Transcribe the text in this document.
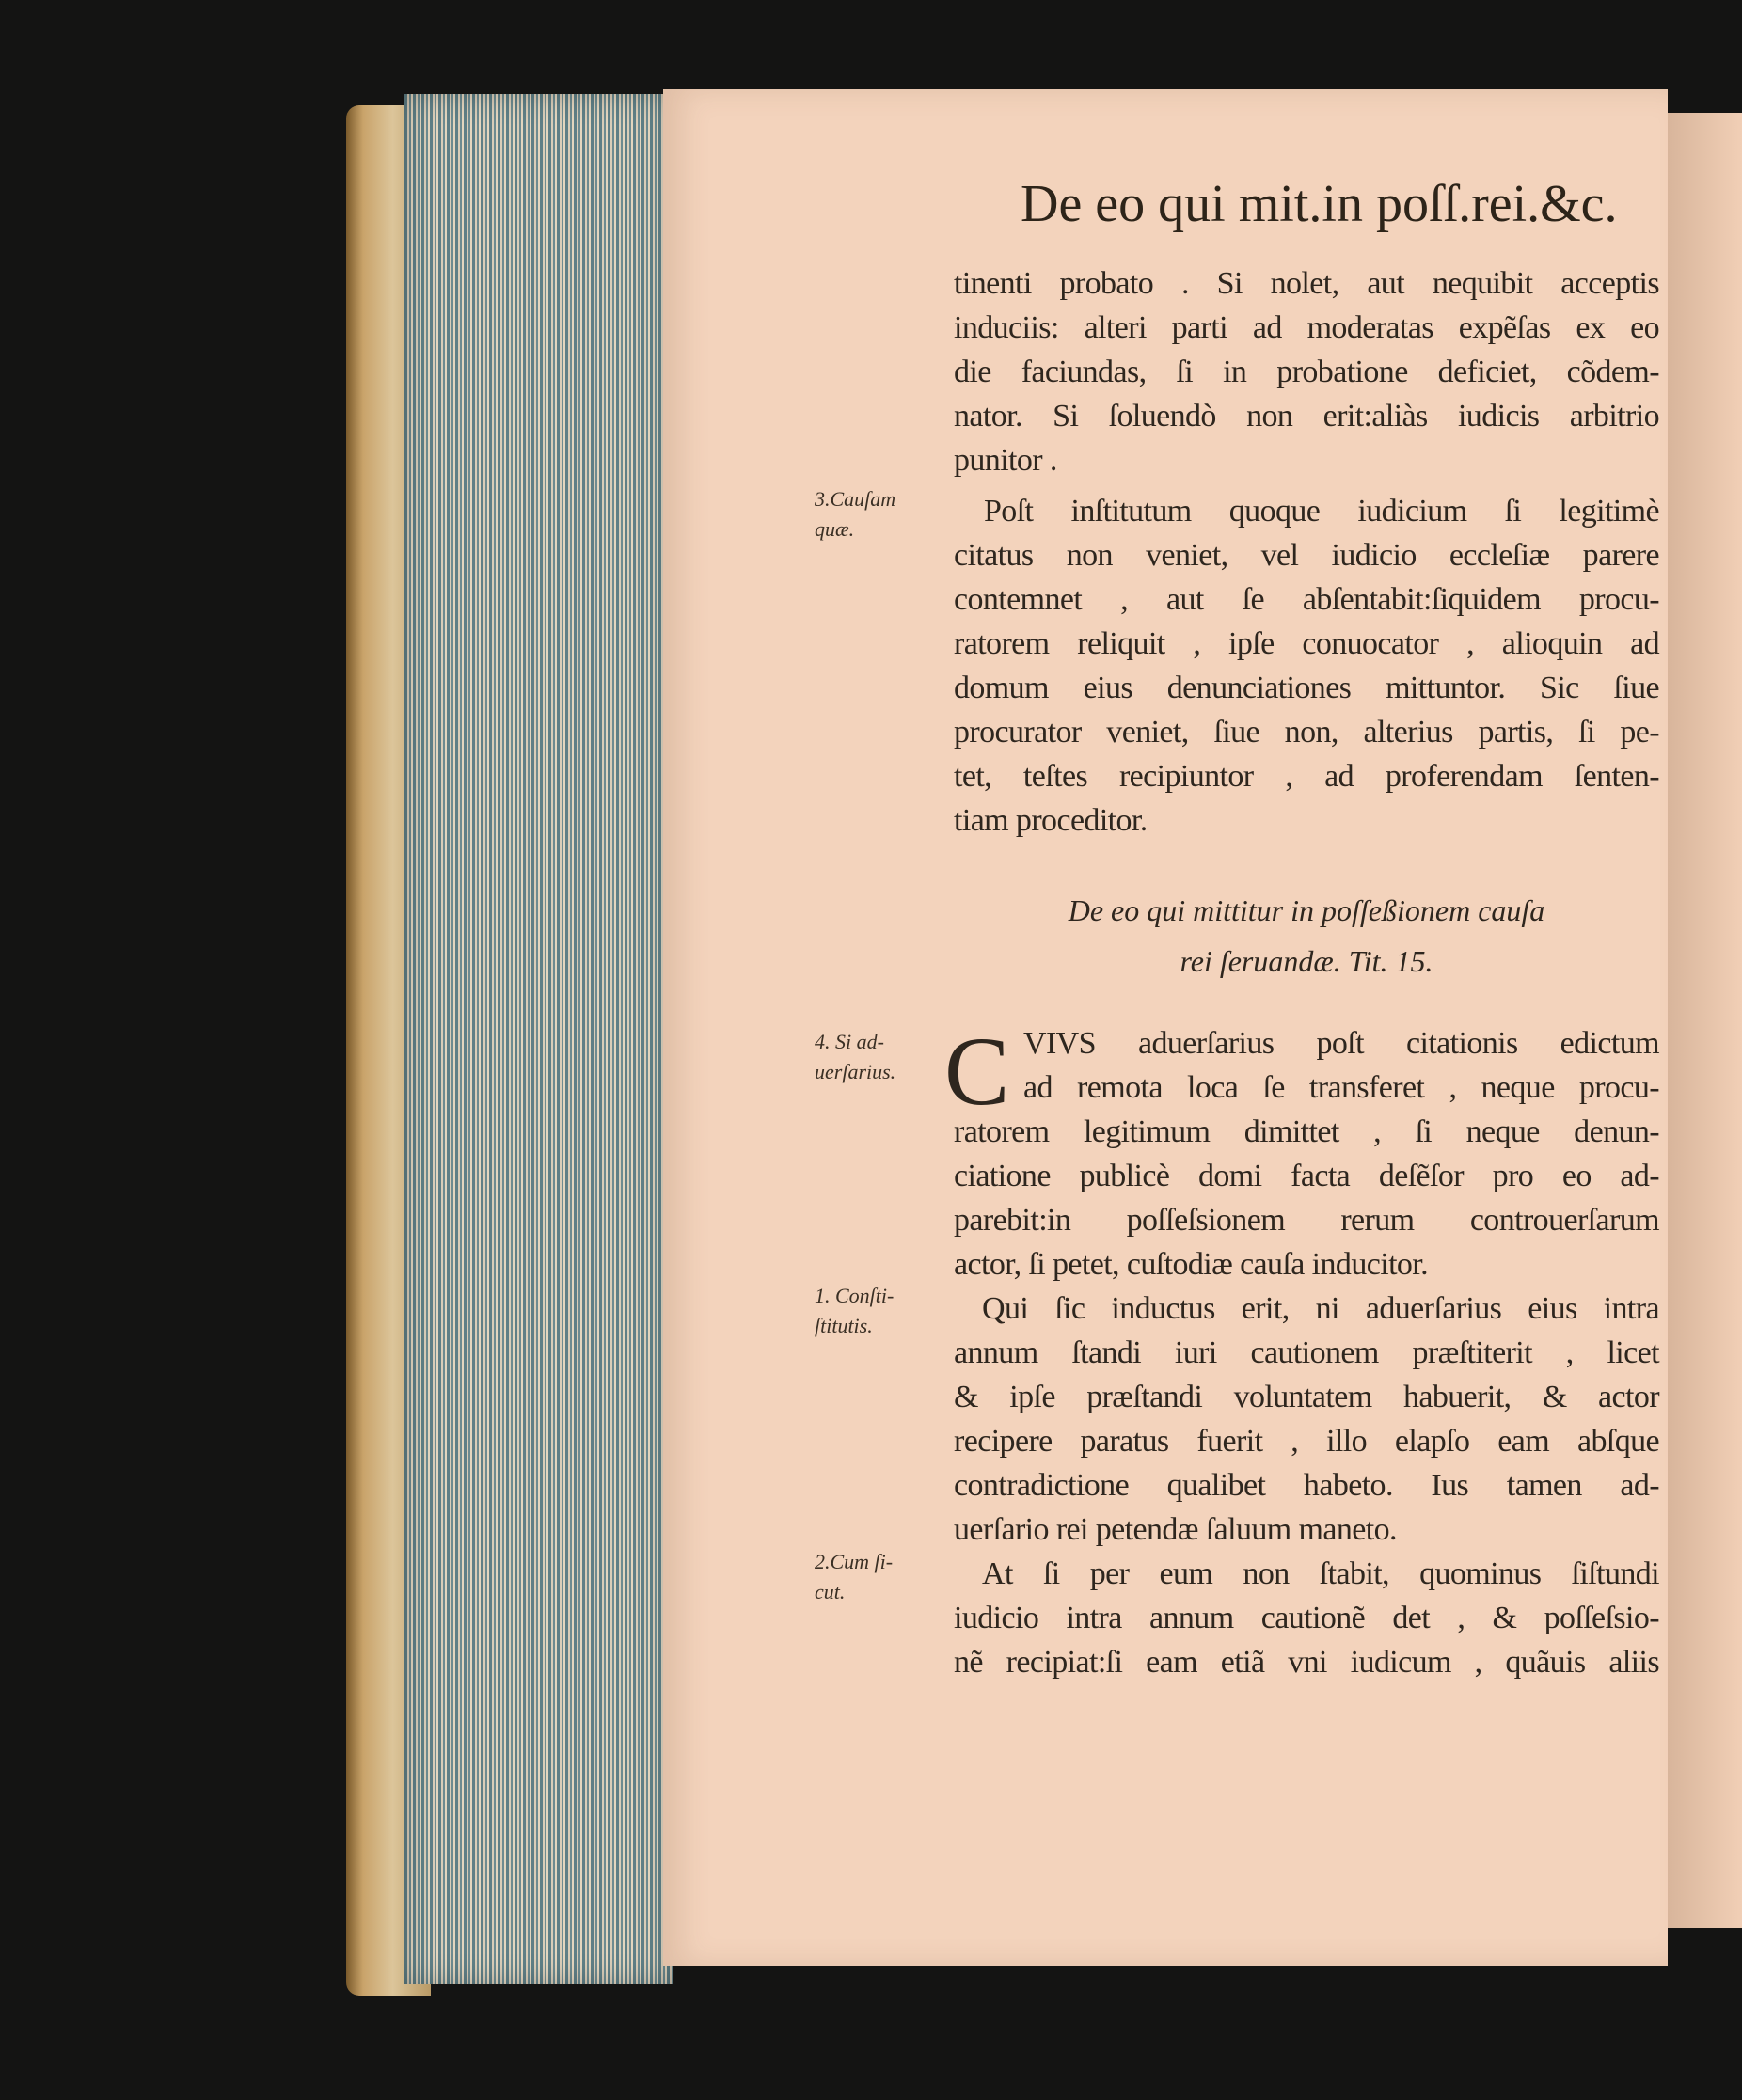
De eo qui mit.in poſſ.rei.&c.
tinenti probato . Si nolet, aut nequibit acceptis
induciis: alteri parti ad moderatas expẽſas ex eo
die faciundas, ſi in probatione deficiet, cõdem-
nator. Si ſoluendò non erit:aliàs iudicis arbitrio
punitor .
Poſt inſtitutum quoque iudicium ſi legitimè
citatus non veniet, vel iudicio eccleſiæ parere
contemnet , aut ſe abſentabit:ſiquidem procu-
ratorem reliquit , ipſe conuocator , alioquin ad
domum eius denunciationes mittuntor. Sic ſiue
procurator veniet, ſiue non, alterius partis, ſi pe-
tet, teſtes recipiuntor , ad proferendam ſenten-
tiam proceditor.
De eo qui mittitur in poſſeßionem cauſa
rei ſeruandæ. Tit. 15.
C VIVS aduerſarius poſt citationis edictum
ad remota loca ſe transferet , neque procu-
ratorem legitimum dimittet , ſi neque denun-
ciatione publicè domi facta deſẽſor pro eo ad-
parebit:in poſſeſsionem rerum controuerſarum
actor, ſi petet, cuſtodiæ cauſa inducitor.
Qui ſic inductus erit, ni aduerſarius eius intra
annum ſtandi iuri cautionem præſtiterit , licet
& ipſe præſtandi voluntatem habuerit, & actor
recipere paratus fuerit , illo elapſo eam abſque
contradictione qualibet habeto. Ius tamen ad-
uerſario rei petendæ ſaluum maneto.
At ſi per eum non ſtabit, quominus ſiſtundi
iudicio intra annum cautionẽ det , & poſſeſsio-
nẽ recipiat:ſi eam etiã vni iudicum , quãuis aliis
3.Cauſam
quæ.
4. Si ad-
uerſarius.
1. Conſti-
ſtitutis.
2.Cum ſi-
cut.
